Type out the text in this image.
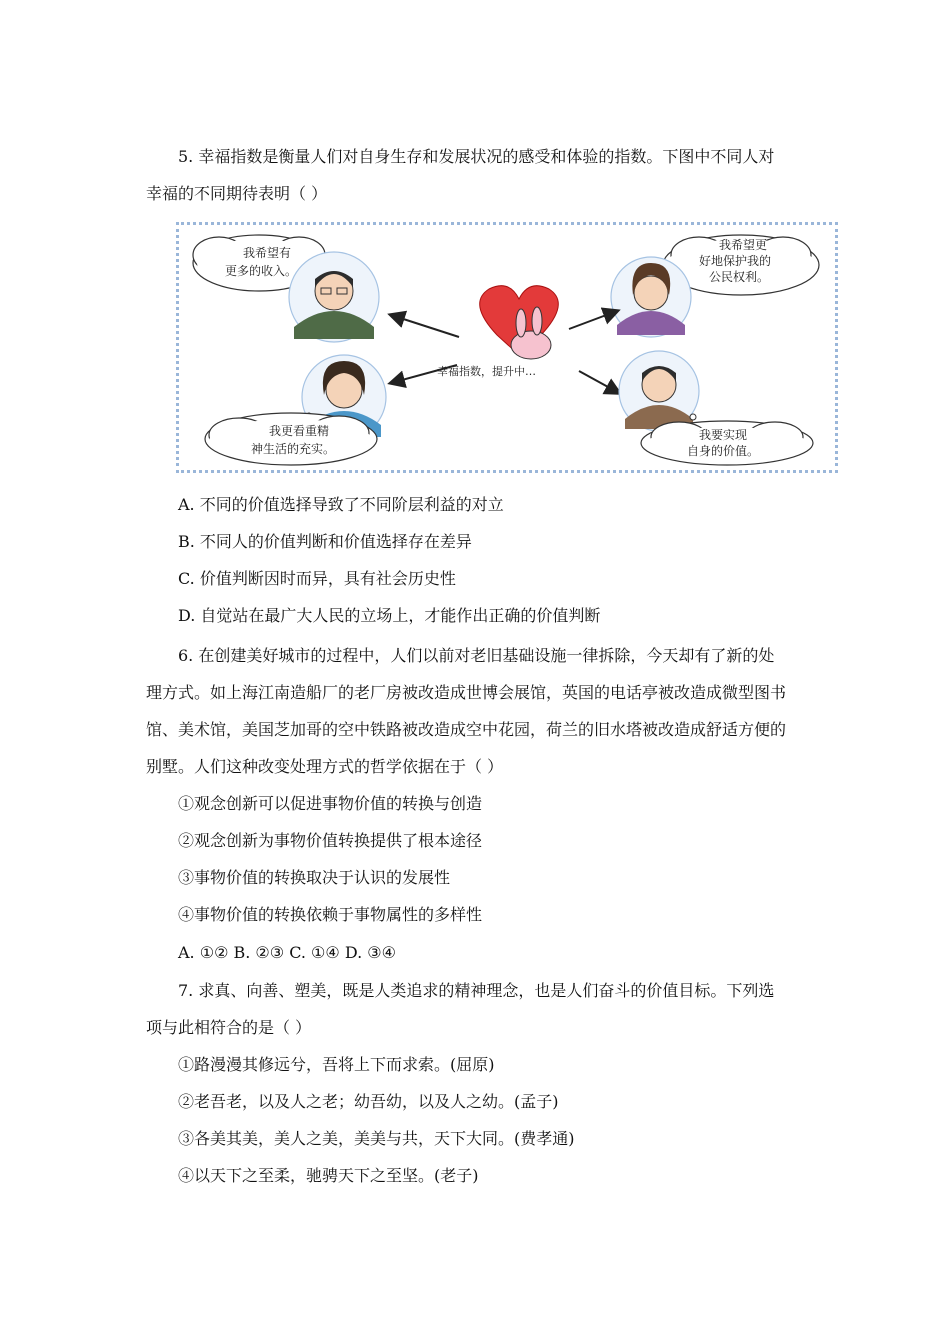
5. 幸福指数是衡量人们对自身生存和发展状况的感受和体验的指数。下图中不同人对
幸福的不同期待表明（ ）
我希望有
更多的收入。
我希望更
好地保护我的
公民权利。
幸福指数，提升中…
我更看重精
神生活的充实。
我要实现
自身的价值。
A. 不同的价值选择导致了不同阶层利益的对立
B. 不同人的价值判断和价值选择存在差异
C. 价值判断因时而异，具有社会历史性
D. 自觉站在最广大人民的立场上，才能作出正确的价值判断
6. 在创建美好城市的过程中，人们以前对老旧基础设施一律拆除，今天却有了新的处
理方式。如上海江南造船厂的老厂房被改造成世博会展馆，英国的电话亭被改造成微型图书
馆、美术馆，美国芝加哥的空中铁路被改造成空中花园，荷兰的旧水塔被改造成舒适方便的
别墅。人们这种改变处理方式的哲学依据在于（ ）
①观念创新可以促进事物价值的转换与创造
②观念创新为事物价值转换提供了根本途径
③事物价值的转换取决于认识的发展性
④事物价值的转换依赖于事物属性的多样性
A. ①② B. ②③ C. ①④ D. ③④
7. 求真、向善、塑美，既是人类追求的精神理念，也是人们奋斗的价值目标。下列选
项与此相符合的是（ ）
①路漫漫其修远兮，吾将上下而求索。(屈原)
②老吾老，以及人之老；幼吾幼，以及人之幼。(孟子)
③各美其美，美人之美，美美与共，天下大同。(费孝通)
④以天下之至柔，驰骋天下之至坚。(老子)
